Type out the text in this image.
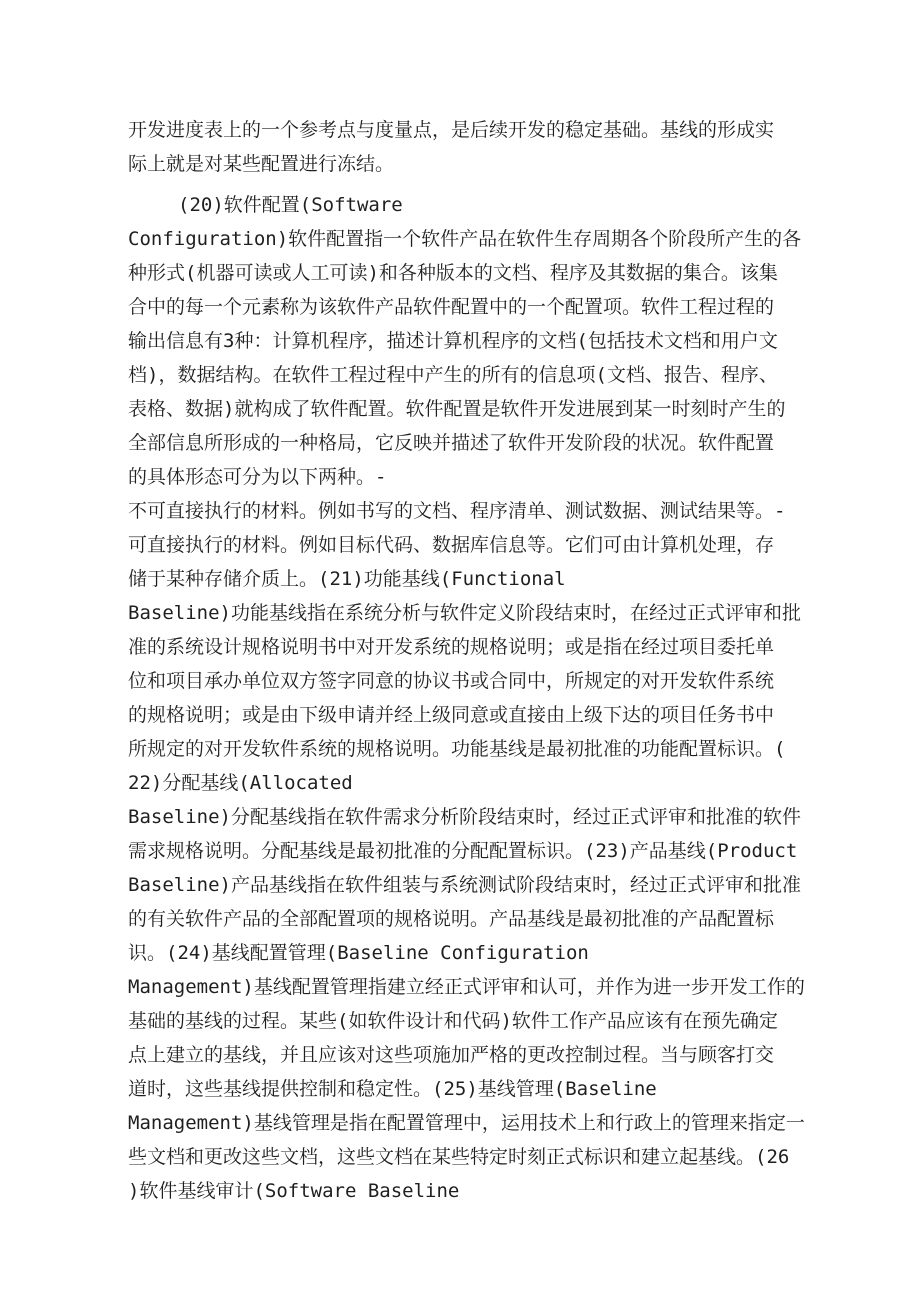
开发进度表上的一个参考点与度量点，是后续开发的稳定基础。基线的形成实
际上就是对某些配置进行冻结。
(20)软件配置(Software
Configuration)软件配置指一个软件产品在软件生存周期各个阶段所产生的各
种形式(机器可读或人工可读)和各种版本的文档、程序及其数据的集合。该集
合中的每一个元素称为该软件产品软件配置中的一个配置项。软件工程过程的
输出信息有3种：计算机程序，描述计算机程序的文档(包括技术文档和用户文
档)，数据结构。在软件工程过程中产生的所有的信息项(文档、报告、程序、
表格、数据)就构成了软件配置。软件配置是软件开发进展到某一时刻时产生的
全部信息所形成的一种格局，它反映并描述了软件开发阶段的状况。软件配置
的具体形态可分为以下两种。-
不可直接执行的材料。例如书写的文档、程序清单、测试数据、测试结果等。-
可直接执行的材料。例如目标代码、数据库信息等。它们可由计算机处理，存
储于某种存储介质上。(21)功能基线(Functional
Baseline)功能基线指在系统分析与软件定义阶段结束时，在经过正式评审和批
准的系统设计规格说明书中对开发系统的规格说明；或是指在经过项目委托单
位和项目承办单位双方签字同意的协议书或合同中，所规定的对开发软件系统
的规格说明；或是由下级申请并经上级同意或直接由上级下达的项目任务书中
所规定的对开发软件系统的规格说明。功能基线是最初批准的功能配置标识。(
22)分配基线(Allocated
Baseline)分配基线指在软件需求分析阶段结束时，经过正式评审和批准的软件
需求规格说明。分配基线是最初批准的分配配置标识。(23)产品基线(Product
Baseline)产品基线指在软件组装与系统测试阶段结束时，经过正式评审和批准
的有关软件产品的全部配置项的规格说明。产品基线是最初批准的产品配置标
识。(24)基线配置管理(Baseline Configuration
Management)基线配置管理指建立经正式评审和认可，并作为进一步开发工作的
基础的基线的过程。某些(如软件设计和代码)软件工作产品应该有在预先确定
点上建立的基线，并且应该对这些项施加严格的更改控制过程。当与顾客打交
道时，这些基线提供控制和稳定性。(25)基线管理(Baseline
Management)基线管理是指在配置管理中，运用技术上和行政上的管理来指定一
些文档和更改这些文档，这些文档在某些特定时刻正式标识和建立起基线。(26
)软件基线审计(Software Baseline
